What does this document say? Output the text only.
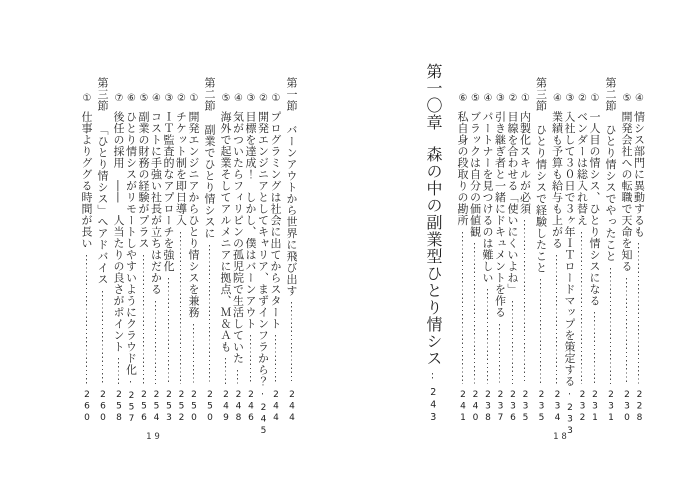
④
情シス部門に異動するも
228
⑤
開発会社への転職で天命を知る
230
第二節
ひとり情シスでやったこと
231
①
一人目の情シス、ひとり情シスになる
231
②
ベンダーは総入れ替え
232
③
入社して３０日で３ヶ年ＩＴロードマップを策定する
233
④
業績も予算も給与も上がる
234
第三節
ひとり情シスで経験したこと
235
①
内製化スキルが必須
235
②
目線を合わせる「使いにくいよね」
236
③
引き継ぎ者と一緒にドキュメントを作る
237
④
パートナーを見つけるのは難しい
238
⑤
ブラックは自分の価値観
240
⑥
私自身の段取りの勘所
241
第一〇章
森の中の副業型ひとり情シス
243
第一節
バーンアウトから世界に飛び出す
244
①
プログラミングは社会に出てからスタート
244
②
開発エンジニアとしてキャリア、まずインフラから？
245
③
目標を達成！　しかし、僕はバーンアウト
246
④
気がついたらフィリピンの孤児院で生活していた
248
⑤
海外で起業そしてアルメニアに拠点、Ｍ＆Ａも
249
第二節
副業でひとり情シスに
250
①
開発エンジニアからひとり情シスを兼務
250
②
チケット制を即日導入
252
③
ＩＴ監査的なアプローチを強化
253
④
コストに手強い社長が立ちはだかる
254
⑤
副業の財務の経験がプラス
256
⑥
ひとり情シスがリモートしやすいようにクラウド化
257
⑦
後任の採用　――　人当たりの良さがポイント
258
第三節
「ひとり情シス」へアドバイス
260
①
仕事よりググる時間が長い
260
18
19
